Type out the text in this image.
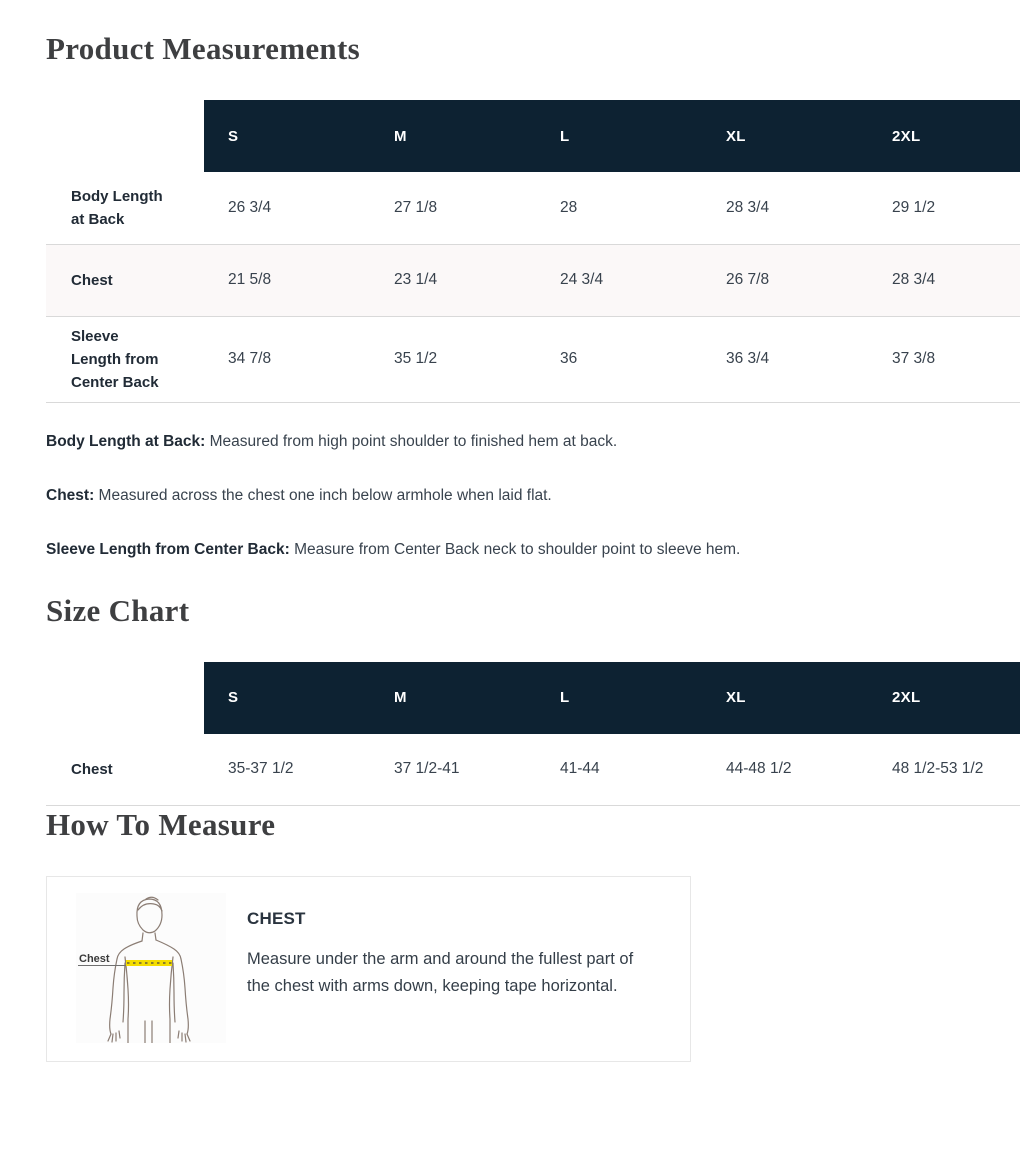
Product Measurements
	S	M	L	XL	2XL
Body Length at Back	26 3/4	27 1/8	28	28 3/4	29 1/2
Chest	21 5/8	23 1/4	24 3/4	26 7/8	28 3/4
Sleeve Length from Center Back	34 7/8	35 1/2	36	36 3/4	37 3/8

Body Length at Back: Measured from high point shoulder to finished hem at back.

Chest: Measured across the chest one inch below armhole when laid flat.

Sleeve Length from Center Back: Measure from Center Back neck to shoulder point to sleeve hem.

Size Chart
	S	M	L	XL	2XL
Chest	35-37 1/2	37 1/2-41	41-44	44-48 1/2	48 1/2-53 1/2
How To Measure
Chest
CHEST

Measure under the arm and around the fullest part of the chest with arms down, keeping tape horizontal.
